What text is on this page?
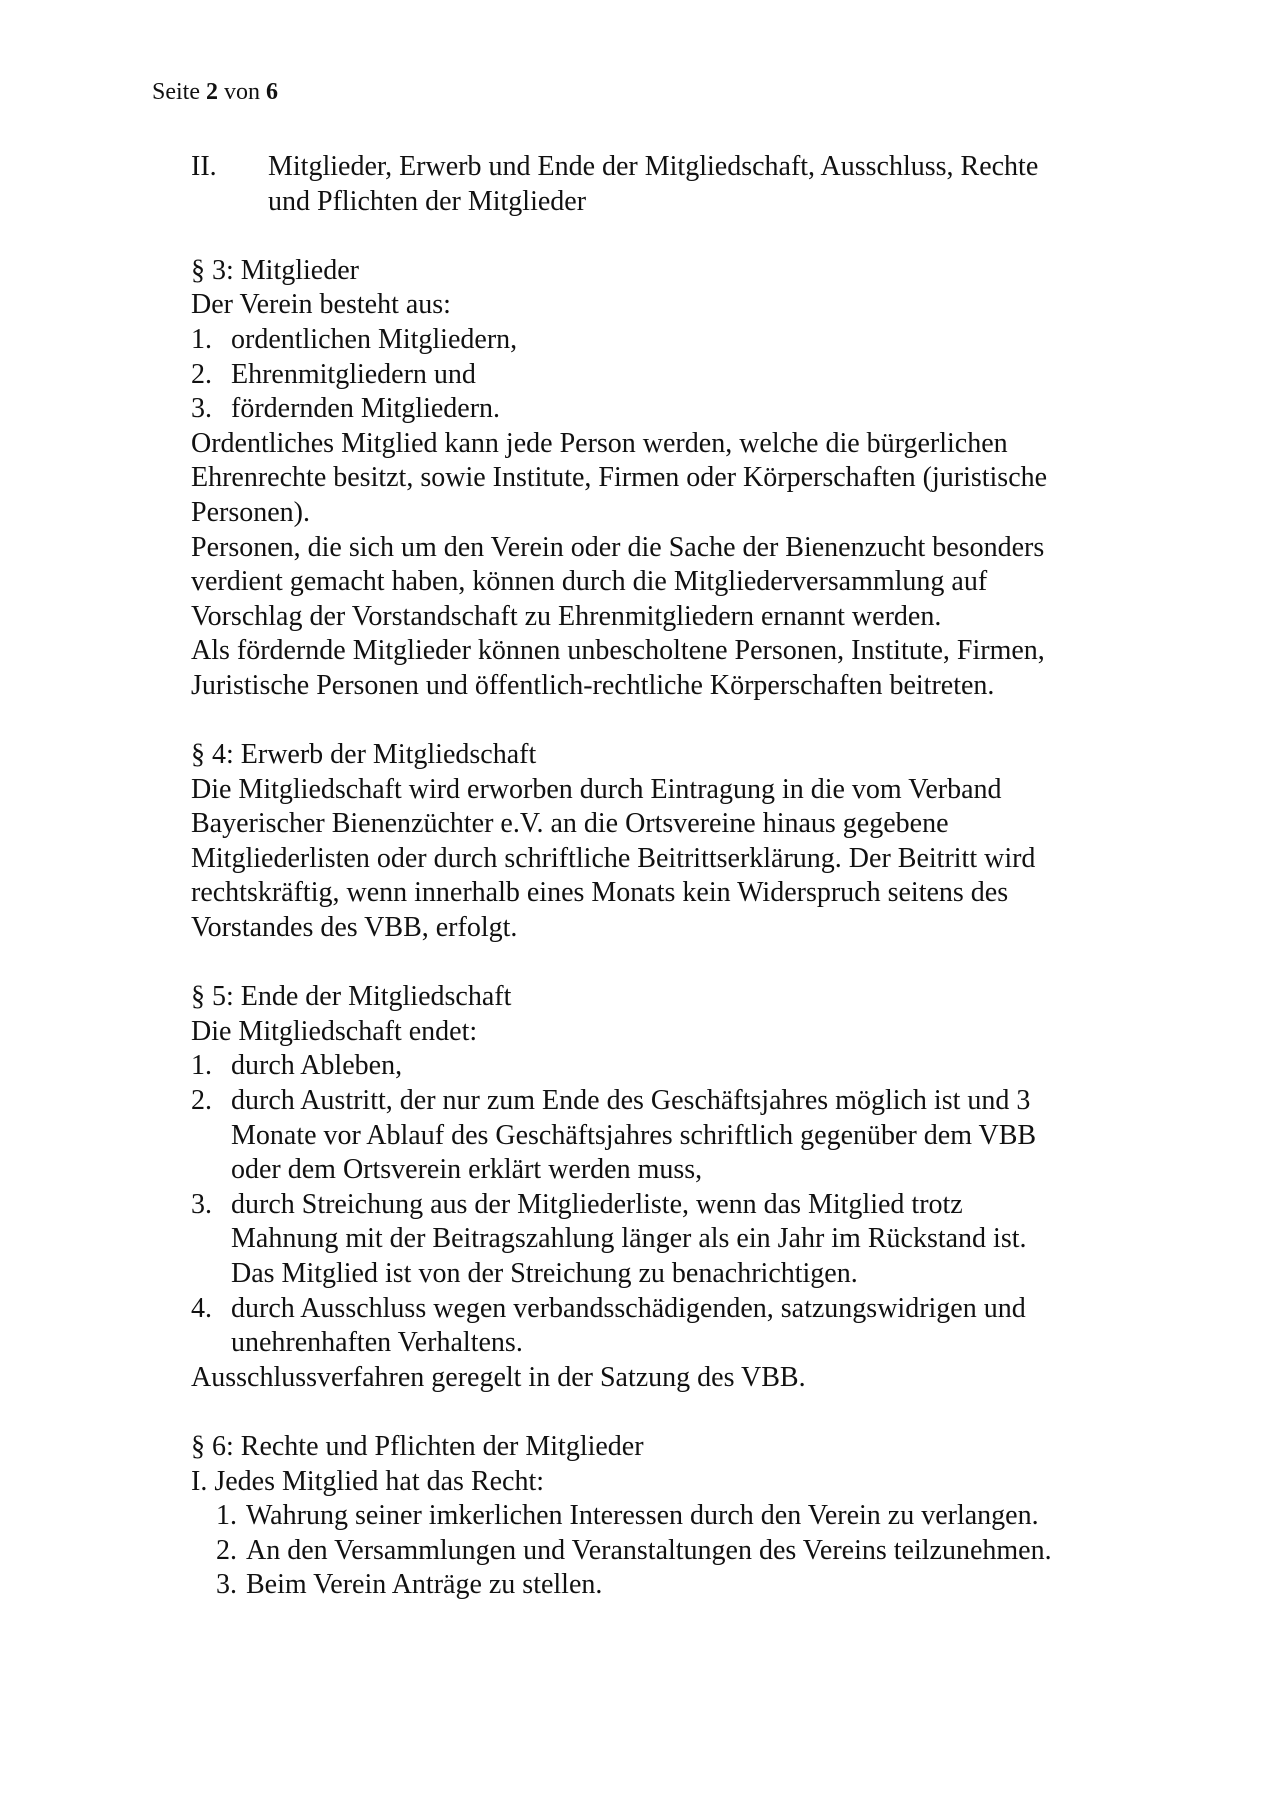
Seite 2 von 6
II. Mitglieder, Erwerb und Ende der Mitgliedschaft, Ausschluss, Rechte
und Pflichten der Mitglieder
§ 3: Mitglieder
Der Verein besteht aus:
1. ordentlichen Mitgliedern,
2. Ehrenmitgliedern und
3. fördernden Mitgliedern.
Ordentliches Mitglied kann jede Person werden, welche die bürgerlichen
Ehrenrechte besitzt, sowie Institute, Firmen oder Körperschaften (juristische
Personen).
Personen, die sich um den Verein oder die Sache der Bienenzucht besonders
verdient gemacht haben, können durch die Mitgliederversammlung auf
Vorschlag der Vorstandschaft zu Ehrenmitgliedern ernannt werden.
Als fördernde Mitglieder können unbescholtene Personen, Institute, Firmen,
Juristische Personen und öffentlich-rechtliche Körperschaften beitreten.
§ 4: Erwerb der Mitgliedschaft
Die Mitgliedschaft wird erworben durch Eintragung in die vom Verband
Bayerischer Bienenzüchter e.V. an die Ortsvereine hinaus gegebene
Mitgliederlisten oder durch schriftliche Beitrittserklärung. Der Beitritt wird
rechtskräftig, wenn innerhalb eines Monats kein Widerspruch seitens des
Vorstandes des VBB, erfolgt.
§ 5: Ende der Mitgliedschaft
Die Mitgliedschaft endet:
1. durch Ableben,
2. durch Austritt, der nur zum Ende des Geschäftsjahres möglich ist und 3
Monate vor Ablauf des Geschäftsjahres schriftlich gegenüber dem VBB
oder dem Ortsverein erklärt werden muss,
3. durch Streichung aus der Mitgliederliste, wenn das Mitglied trotz
Mahnung mit der Beitragszahlung länger als ein Jahr im Rückstand ist.
Das Mitglied ist von der Streichung zu benachrichtigen.
4. durch Ausschluss wegen verbandsschädigenden, satzungswidrigen und
unehrenhaften Verhaltens.
Ausschlussverfahren geregelt in der Satzung des VBB.
§ 6: Rechte und Pflichten der Mitglieder
I. Jedes Mitglied hat das Recht:
1. Wahrung seiner imkerlichen Interessen durch den Verein zu verlangen.
2. An den Versammlungen und Veranstaltungen des Vereins teilzunehmen.
3. Beim Verein Anträge zu stellen.
